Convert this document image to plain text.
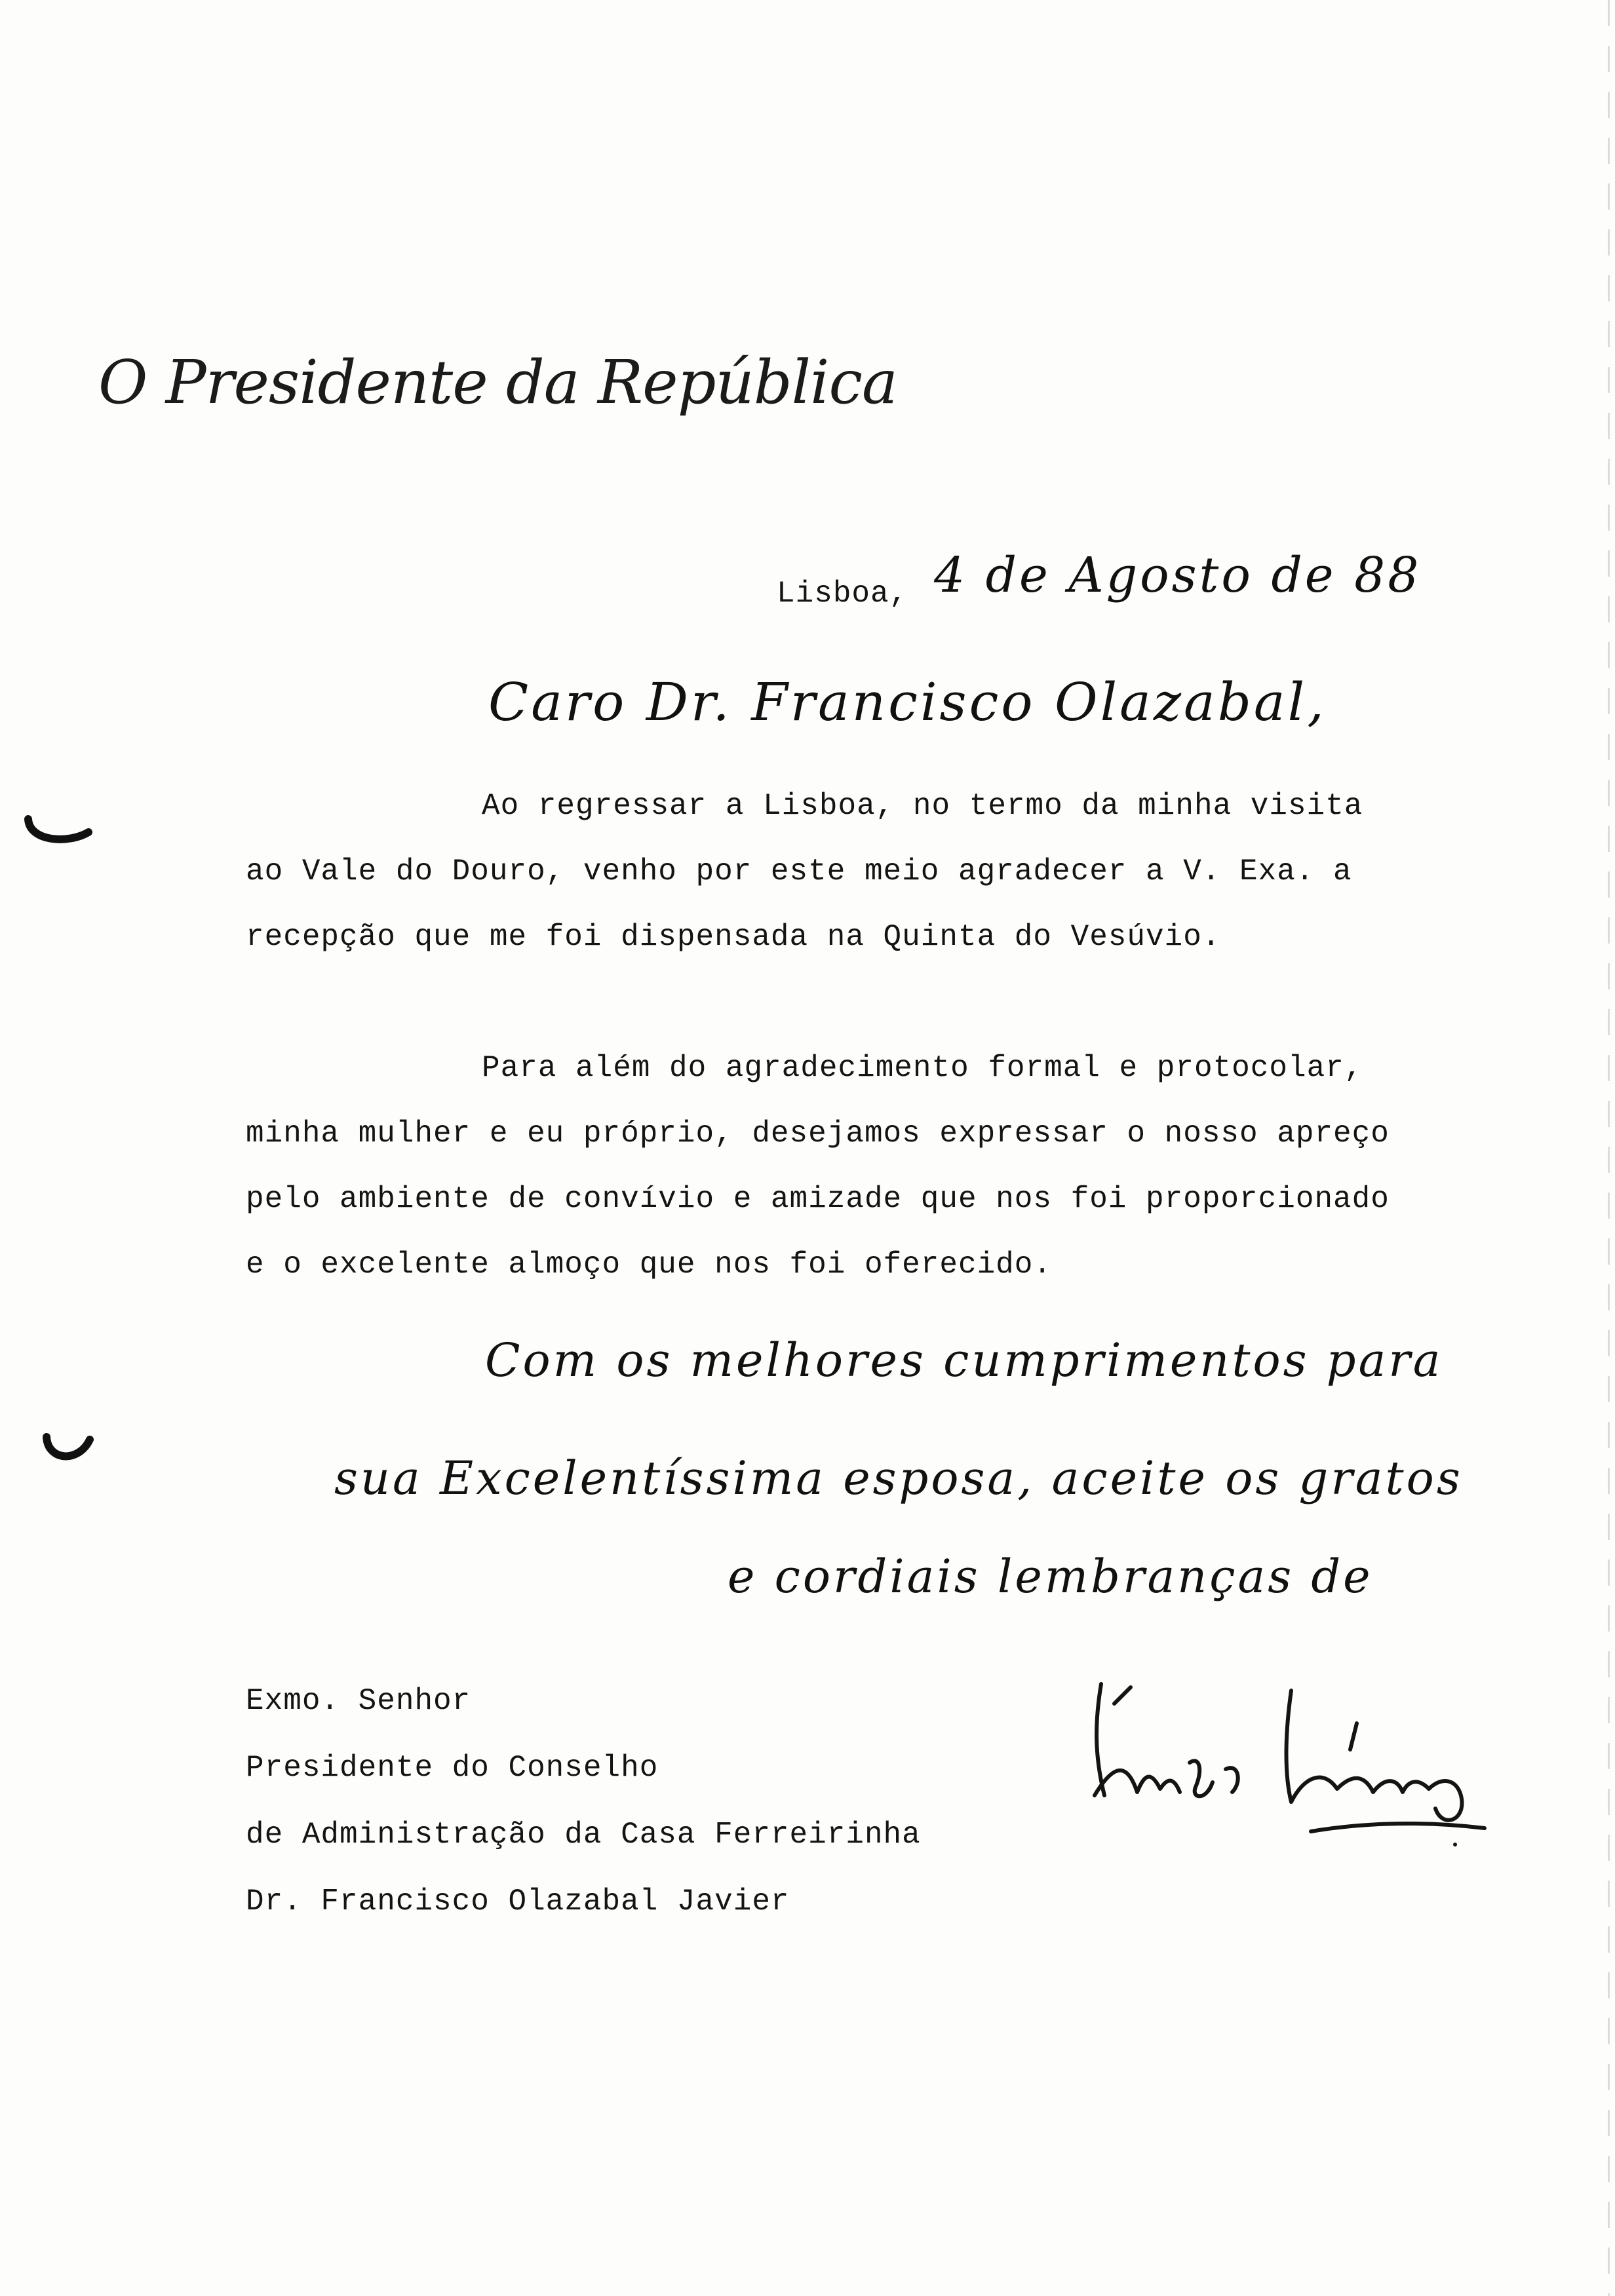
O Presidente da República
Lisboa, 4 de Agosto de 88
Caro Dr. Francisco Olazabal,

Ao regressar a Lisboa, no termo da minha visita

ao Vale do Douro, venho por este meio agradecer a V. Exa. a

recepção que me foi dispensada na Quinta do Vesúvio.

Para além do agradecimento formal e protocolar,

minha mulher e eu próprio, desejamos expressar o nosso apreço

pelo ambiente de convívio e amizade que nos foi proporcionado

e o excelente almoço que nos foi oferecido.

Com os melhores cumprimentos para
sua Excelentíssima esposa, aceite os gratos
e cordiais lembranças de

Exmo. Senhor

Presidente do Conselho

de Administração da Casa Ferreirinha

Dr. Francisco Olazabal Javier
